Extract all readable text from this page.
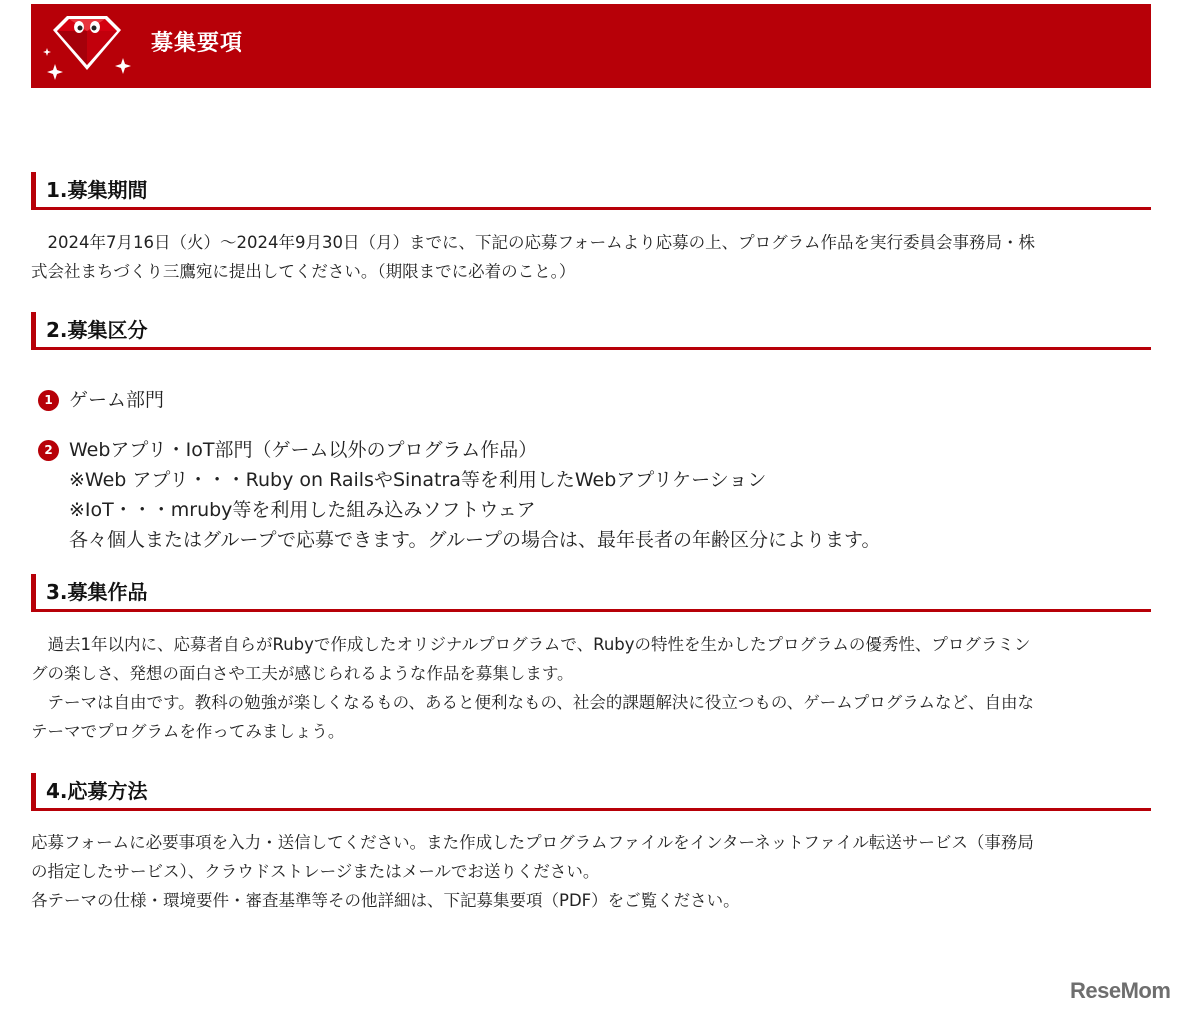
募集要項
1.募集期間
　2024年7月16日（火）～2024年9月30日（月）までに、下記の応募フォームより応募の上、プログラム作品を実行委員会事務局・株
式会社まちづくり三鷹宛に提出してください。（期限までに必着のこと。）
2.募集区分
1 ゲーム部門
2 Webアプリ・IoT部門（ゲーム以外のプログラム作品）
※Web アプリ・・・Ruby on RailsやSinatra等を利用したWebアプリケーション
※IoT・・・mruby等を利用した組み込みソフトウェア
各々個人またはグループで応募できます。グループの場合は、最年長者の年齢区分によります。
3.募集作品
　過去1年以内に、応募者自らがRubyで作成したオリジナルプログラムで、Rubyの特性を生かしたプログラムの優秀性、プログラミン
グの楽しさ、発想の面白さや工夫が感じられるような作品を募集します。
　テーマは自由です。教科の勉強が楽しくなるもの、あると便利なもの、社会的課題解決に役立つもの、ゲームプログラムなど、自由な
テーマでプログラムを作ってみましょう。
4.応募方法
応募フォームに必要事項を入力・送信してください。また作成したプログラムファイルをインターネットファイル転送サービス（事務局
の指定したサービス）、クラウドストレージまたはメールでお送りください。
各テーマの仕様・環境要件・審査基準等その他詳細は、下記募集要項（PDF）をご覧ください。
ReseMom
